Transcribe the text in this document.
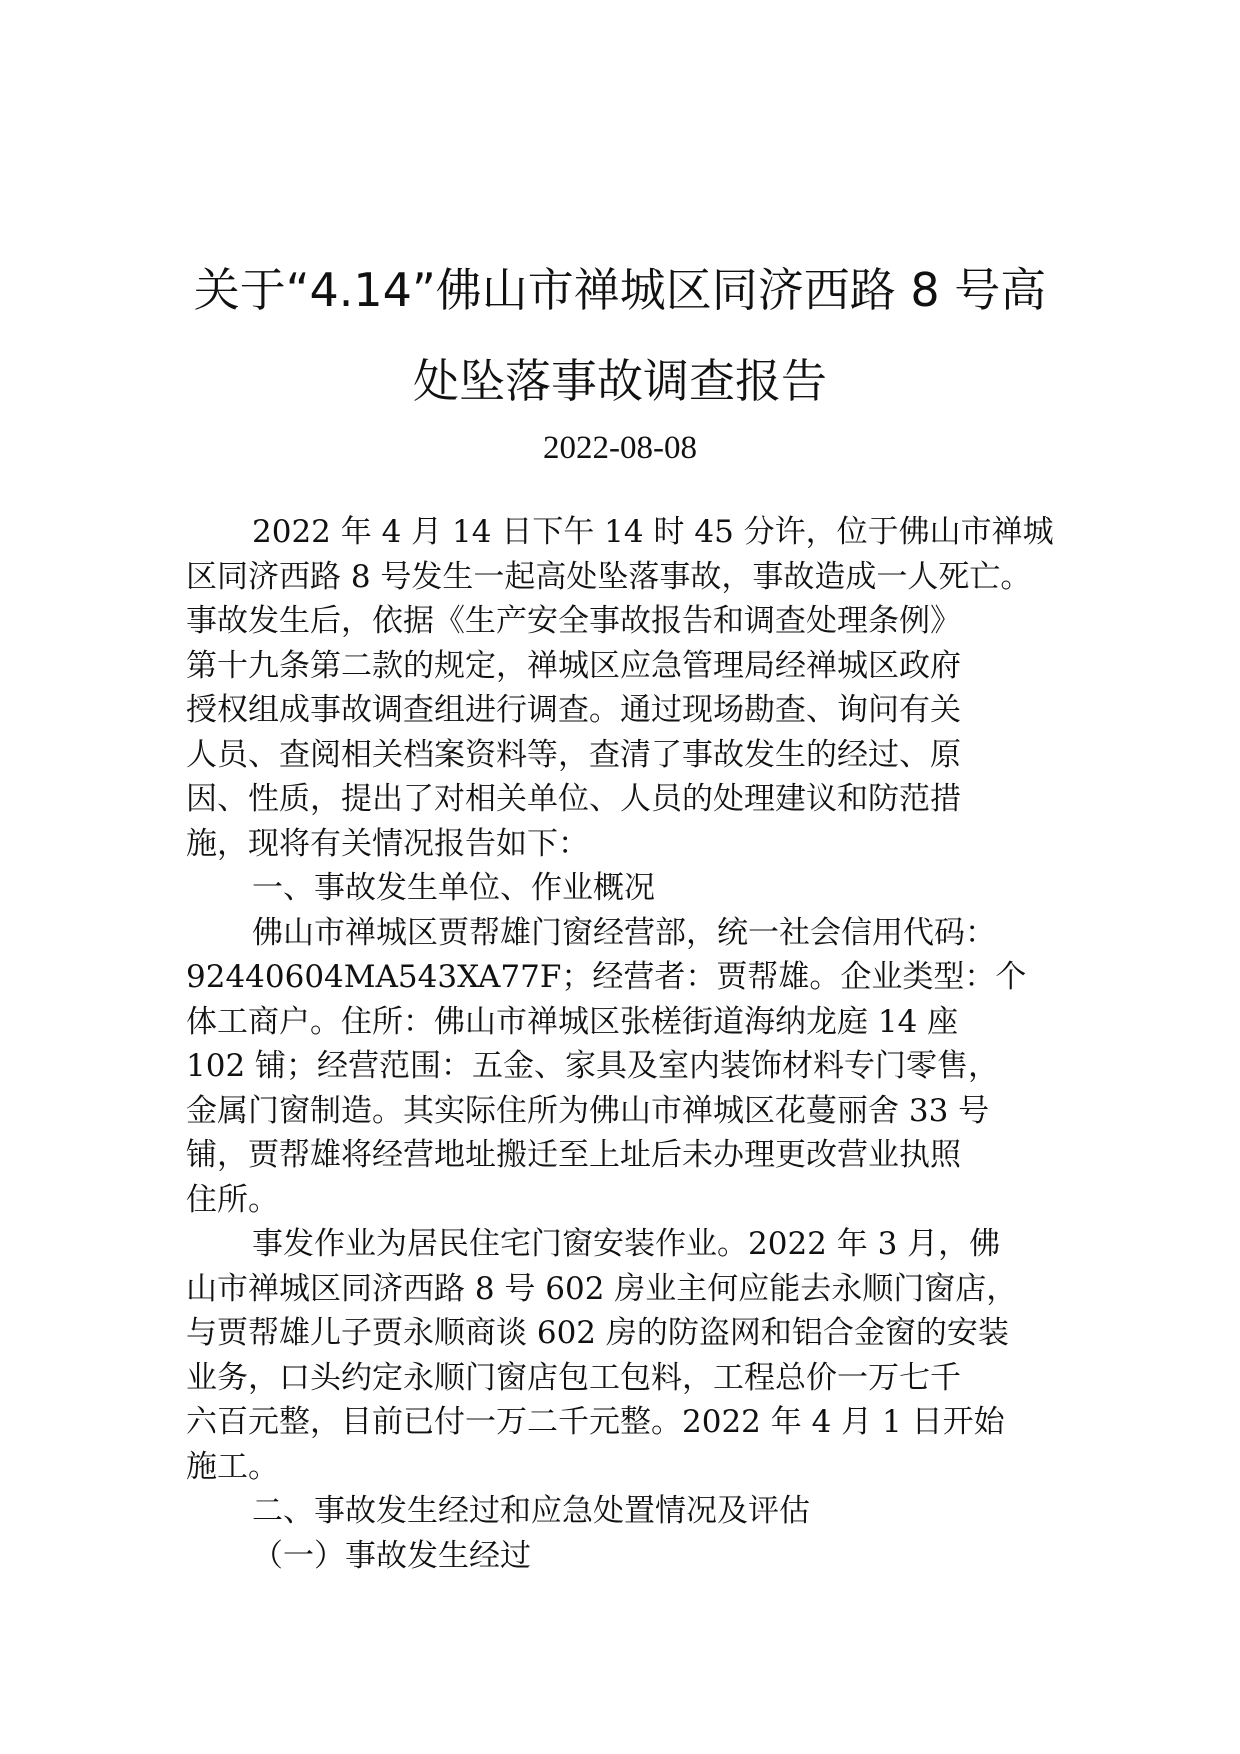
关于“4.14”佛山市禅城区同济西路 8 号高
处坠落事故调查报告
2022-08-08
2022 年 4 月 14 日下午 14 时 45 分许，位于佛山市禅城
区同济西路 8 号发生一起高处坠落事故，事故造成一人死亡。
事故发生后，依据《生产安全事故报告和调查处理条例》
第十九条第二款的规定，禅城区应急管理局经禅城区政府
授权组成事故调查组进行调查。通过现场勘查、询问有关
人员、查阅相关档案资料等，查清了事故发生的经过、原
因、性质，提出了对相关单位、人员的处理建议和防范措
施，现将有关情况报告如下：
一、事故发生单位、作业概况
佛山市禅城区贾帮雄门窗经营部，统一社会信用代码：
92440604MA543XA77F；经营者：贾帮雄。企业类型：个
体工商户。住所：佛山市禅城区张槎街道海纳龙庭 14 座
102 铺；经营范围：五金、家具及室内装饰材料专门零售，
金属门窗制造。其实际住所为佛山市禅城区花蔓丽舍 33 号
铺，贾帮雄将经营地址搬迁至上址后未办理更改营业执照
住所。
事发作业为居民住宅门窗安装作业。2022 年 3 月，佛
山市禅城区同济西路 8 号 602 房业主何应能去永顺门窗店，
与贾帮雄儿子贾永顺商谈 602 房的防盗网和铝合金窗的安装
业务，口头约定永顺门窗店包工包料，工程总价一万七千
六百元整，目前已付一万二千元整。2022 年 4 月 1 日开始
施工。
二、事故发生经过和应急处置情况及评估
（一）事故发生经过
